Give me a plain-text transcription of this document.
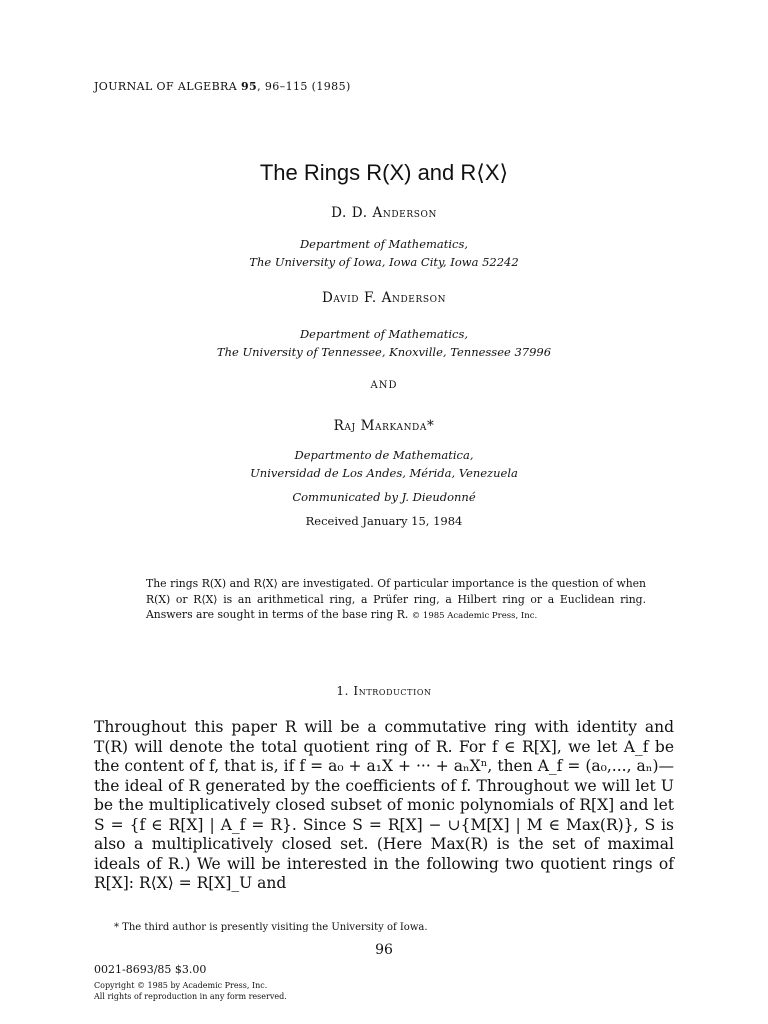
JOURNAL OF ALGEBRA 95, 96–115 (1985)
The Rings R(X) and R⟨X⟩
D. D. Anderson
Department of Mathematics,
The University of Iowa, Iowa City, Iowa 52242
David F. Anderson
Department of Mathematics,
The University of Tennessee, Knoxville, Tennessee 37996
AND
Raj Markanda*
Departmento de Mathematica,
Universidad de Los Andes, Mérida, Venezuela
Communicated by J. Dieudonné
Received January 15, 1984
The rings R(X) and R⟨X⟩ are investigated. Of particular importance is the question of when R(X) or R⟨X⟩ is an arithmetical ring, a Prüfer ring, a Hilbert ring or a Euclidean ring. Answers are sought in terms of the base ring R. © 1985 Academic Press, Inc.
1. Introduction
Throughout this paper R will be a commutative ring with identity and T(R) will denote the total quotient ring of R. For f ∈ R[X], we let A_f be the content of f, that is, if f = a₀ + a₁X + ··· + aₙXⁿ, then A_f = (a₀,..., aₙ)—the ideal of R generated by the coefficients of f. Throughout we will let U be the multiplicatively closed subset of monic polynomials of R[X] and let S = {f ∈ R[X] | A_f = R}. Since S = R[X] − ∪{M[X] | M ∈ Max(R)}, S is also a multiplicatively closed set. (Here Max(R) is the set of maximal ideals of R.) We will be interested in the following two quotient rings of R[X]: R⟨X⟩ = R[X]_U and
* The third author is presently visiting the University of Iowa.
96
0021-8693/85 $3.00
Copyright © 1985 by Academic Press, Inc.
All rights of reproduction in any form reserved.
